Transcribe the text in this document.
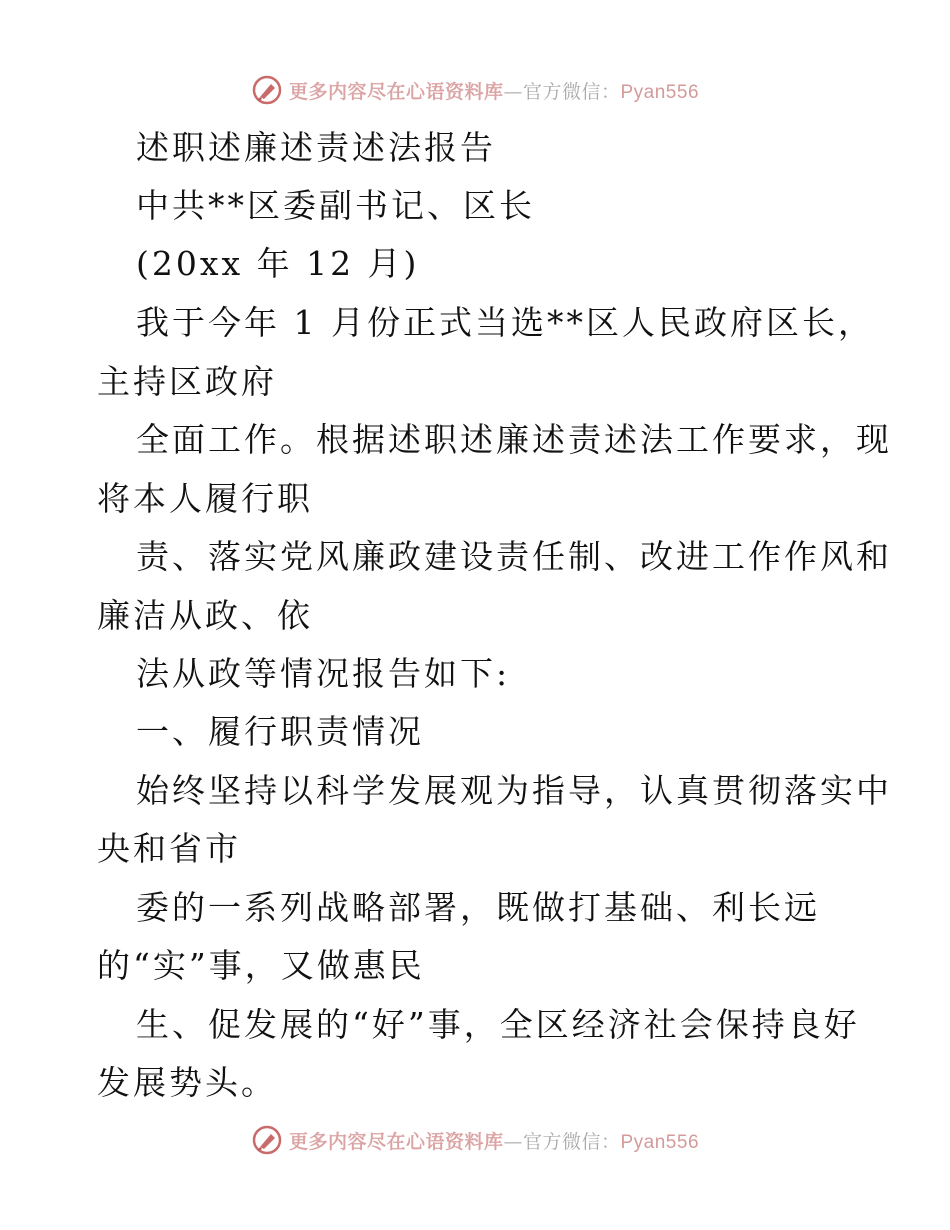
更多内容尽在心语资料库—官方微信：Pyan556
述职述廉述责述法报告
中共**区委副书记、区长
(20xx 年 12 月)
我于今年 1 月份正式当选**区人民政府区长，
主持区政府
全面工作。根据述职述廉述责述法工作要求，现
将本人履行职
责、落实党风廉政建设责任制、改进工作作风和
廉洁从政、依
法从政等情况报告如下:
一、履行职责情况
始终坚持以科学发展观为指导，认真贯彻落实中
央和省市
委的一系列战略部署，既做打基础、利长远
的“实”事，又做惠民
生、促发展的“好”事，全区经济社会保持良好
发展势头。
更多内容尽在心语资料库—官方微信：Pyan556
